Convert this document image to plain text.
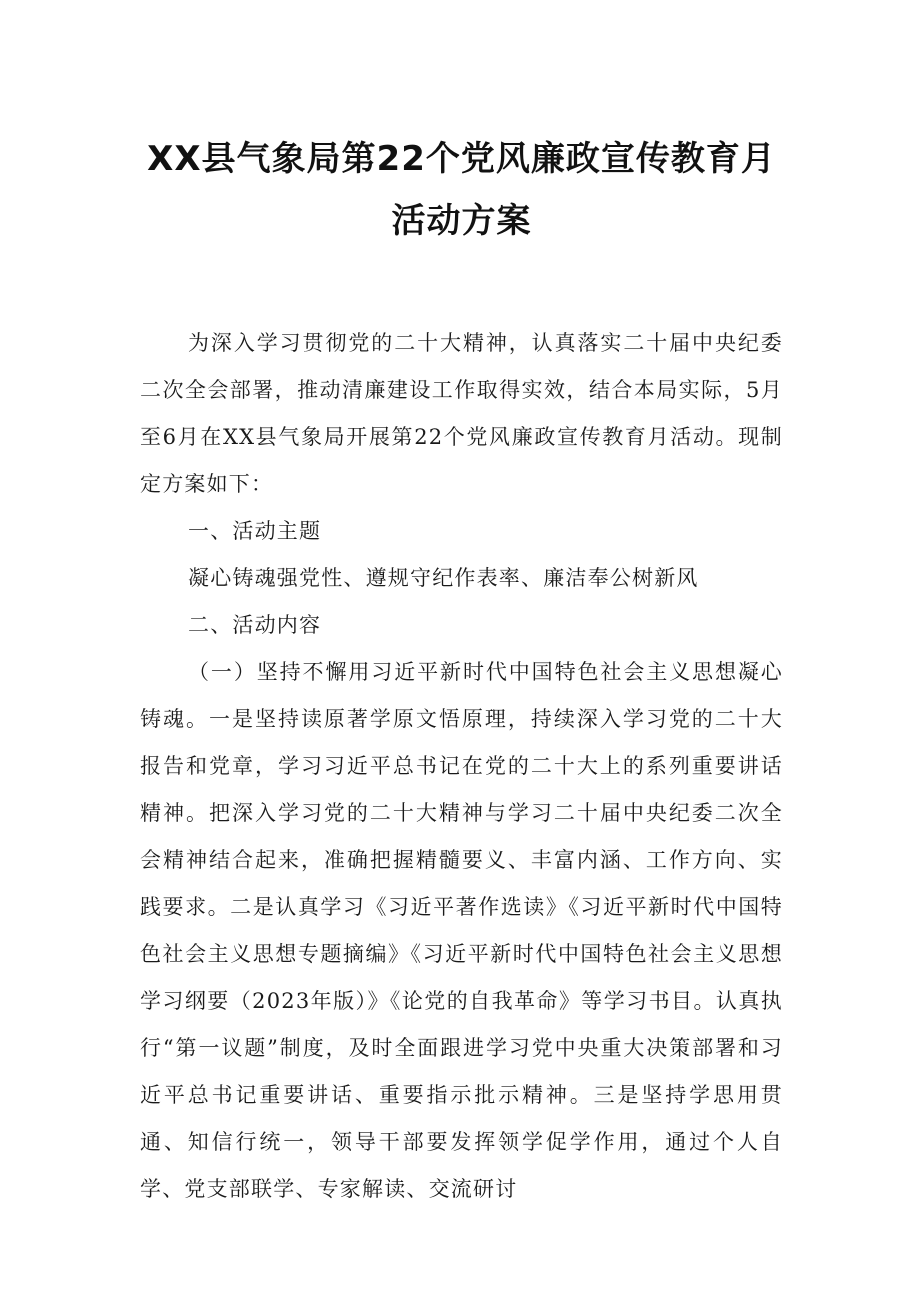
XX县气象局第22个党风廉政宣传教育月
活动方案

为深入学习贯彻党的二十大精神，认真落实二十届中央纪委二次全会部署，推动清廉建设工作取得实效，结合本局实际，5月至6月在XX县气象局开展第22个党风廉政宣传教育月活动。现制定方案如下：

一、活动主题

凝心铸魂强党性、遵规守纪作表率、廉洁奉公树新风

二、活动内容

（一）坚持不懈用习近平新时代中国特色社会主义思想凝心铸魂。一是坚持读原著学原文悟原理，持续深入学习党的二十大报告和党章，学习习近平总书记在党的二十大上的系列重要讲话精神。把深入学习党的二十大精神与学习二十届中央纪委二次全会精神结合起来，准确把握精髓要义、丰富内涵、工作方向、实践要求。二是认真学习《习近平著作选读》《习近平新时代中国特色社会主义思想专题摘编》《习近平新时代中国特色社会主义思想学习纲要（2023年版）》《论党的自我革命》等学习书目。认真执行“第一议题”制度，及时全面跟进学习党中央重大决策部署和习近平总书记重要讲话、重要指示批示精神。三是坚持学思用贯通、知信行统一，领导干部要发挥领学促学作用，通过个人自学、党支部联学、专家解读、交流研讨
